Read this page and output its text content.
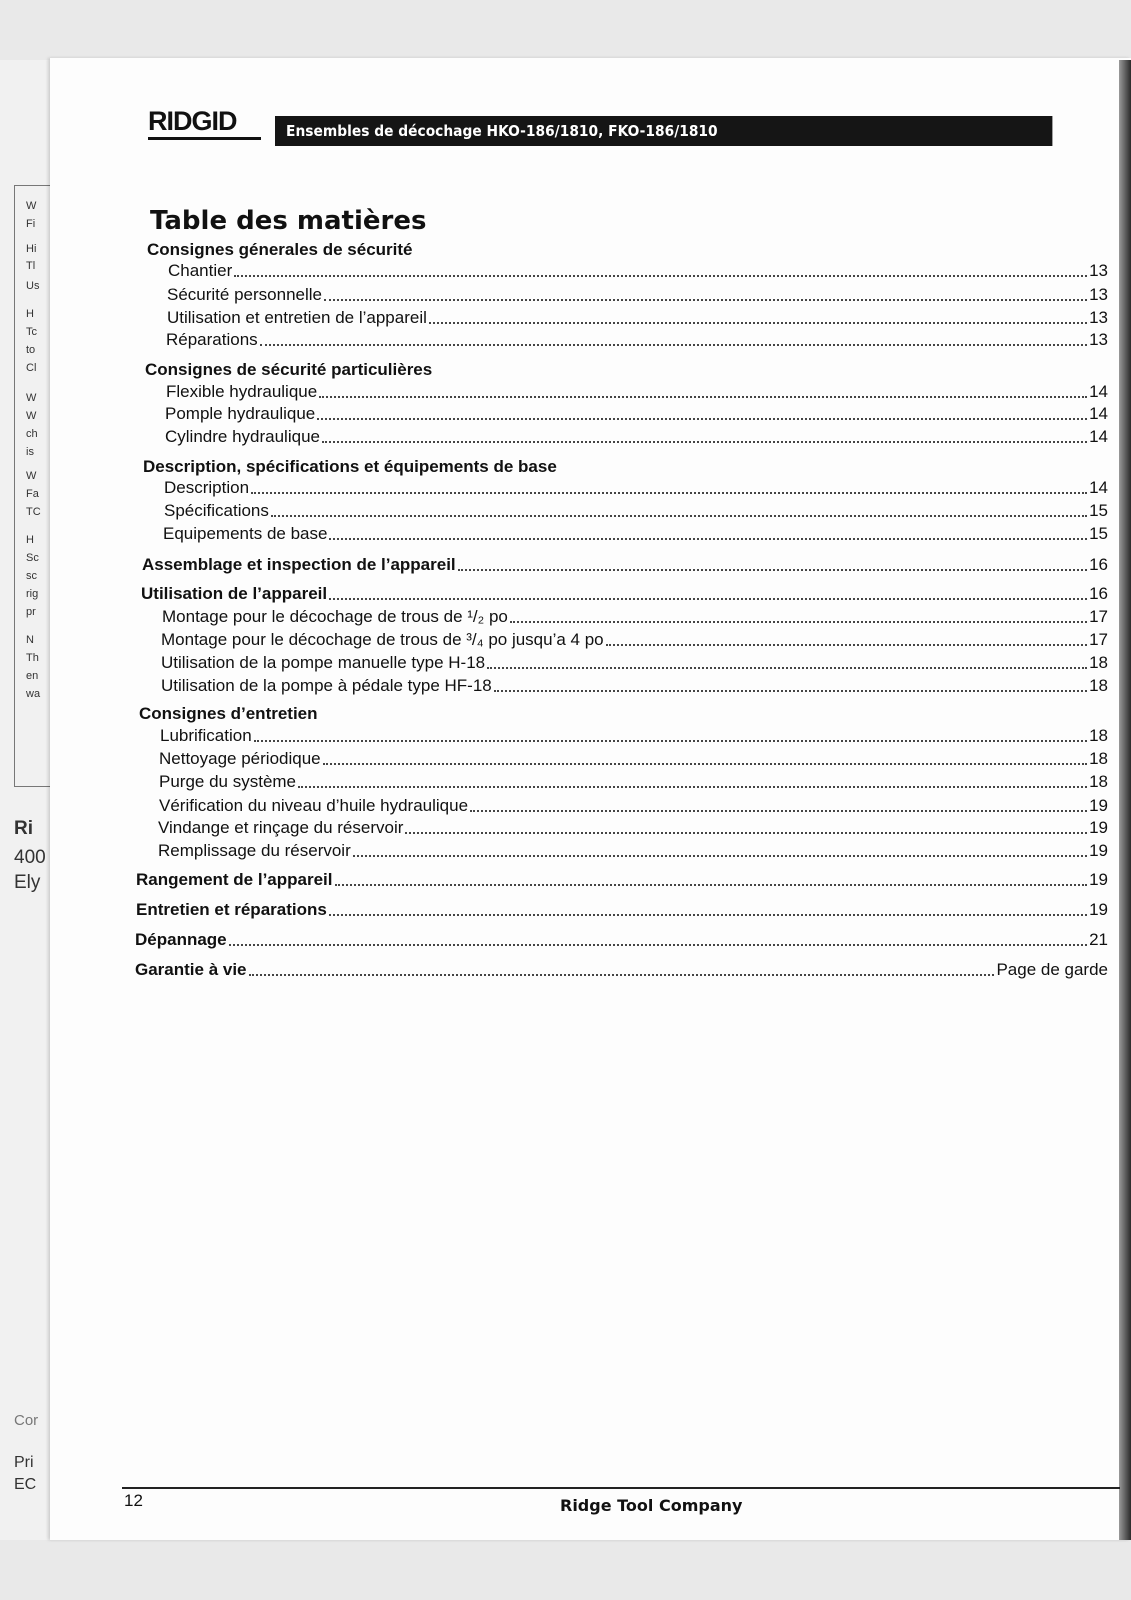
RIDGID	Ensembles de décochage HKO-186/1810, FKO-186/1810
Table des matières
Consignes génerales de sécurité
Chantier	13
Sécurité personnelle	13
Utilisation et entretien de l’appareil	13
Réparations	13
Consignes de sécurité particulières
Flexible hydraulique	14
Pomple hydraulique	14
Cylindre hydraulique	14
Description, spécifications et équipements de base
Description	14
Spécifications	15
Equipements de base	15
Assemblage et inspection de l’appareil	16
Utilisation de l’appareil	16
Montage pour le décochage de trous de ¹/₂ po	17
Montage pour le décochage de trous de ³/₄ po jusqu’a 4 po	17
Utilisation de la pompe manuelle type H-18	18
Utilisation de la pompe à pédale type HF-18	18
Consignes d’entretien
Lubrification	18
Nettoyage périodique	18
Purge du système	18
Vérification du niveau d’huile hydraulique	19
Vindange et rinçage du réservoir	19
Remplissage du réservoir	19
Rangement de l’appareil	19
Entretien et réparations	19
Dépannage	21
Garantie à vie	Page de garde
12	Ridge Tool Company
W
Fi
Hi
Tl
Us
H
Tc
to
Cl
W
W
ch
is
W
Fa
TC
H
Sc
sc
rig
pr
N
Th
en
wa
Ri
400
Ely
Cor
Pri
EC
